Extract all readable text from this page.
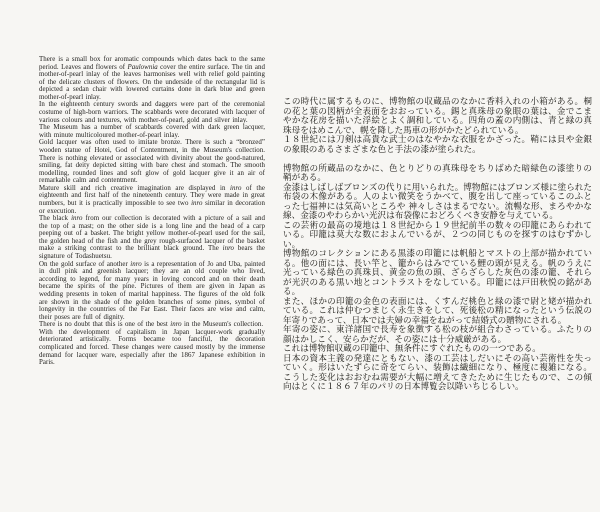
There is a small box for aromatic compounds which dates back to the same period. Leaves and flowers of Paulownia cover the entire surface. The tin and mother-of-pearl inlay of the leaves harmonises well with relief gold painting of the delicate clusters of flowers. On the underside of the rectangular lid is depicted a sedan chair with lowered curtains done in dark blue and green mother-of-pearl inlay.

In the eighteenth century swords and daggers were part of the ceremonial costume of high-born warriors. The scabbards were decorated with lacquer of various colours and textures, with mother-of-pearl, gold and silver inlay.

The Museum has a number of scabbards covered with dark green lacquer, with minute multicoloured mother-of-pearl inlay.

Gold lacquer was often used to imitate bronze. There is such a “bronzed” wooden statue of Hotei, God of Contentment, in the Museum's collection. There is nothing elevated or associated with divinity about the good-natured, smiling, fat deity depicted sitting with bare chest and stomach. The smooth modelling, rounded lines and soft glow of gold lacquer give it an air of remarkable calm and contentment.

Mature skill and rich creative imagination are displayed in inro of the eighteenth and first half of the nineteenth century. They were made in great numbers, but it is practically impossible to see two inro similar in decoration or execution.

The black inro from our collection is decorated with a picture of a sail and the top of a mast; on the other side is a long line and the head of a carp peeping out of a basket. The bright yellow mother-of-pearl used for the sail, the golden head of the fish and the grey rough-surfaced lacquer of the basket make a striking contrast to the brilliant black ground. The inro bears the signature of Todashuetsu.

On the gold surface of another inro is a representation of Jo and Uba, painted in dull pink and greenish lacquer; they are an old couple who lived, according to legend, for many years in loving concord and on their death became the spirits of the pine. Pictures of them are given in Japan as wedding presents in token of marital happiness. The figures of the old folk are shown in the shade of the golden branches of some pines, symbol of longevity in the countries of the Far East. Their faces are wise and calm, their poses are full of dignity.

There is no doubt that this is one of the best inro in the Museum's collection.

With the development of capitalism in Japan lacquer-work gradually deteriorated artistically. Forms became too fanciful, the decoration complicated and forced. These changes were caused mostly by the immense demand for lacquer ware, especially after the 1867 Japanese exhibition in Paris.

この時代に属するものに、博物館の収蔵品のなかに香料入れの小箱がある。桐の花と葉の図柄が全表面をおおっている。錫と真珠母の象眼の葉は、金でこまやかな花房を描いた浮絵とよく調和している。四角の蓋の内側は、青と緑の真珠母をはめこんで、幌を降した馬車の形がかたどられている。

１８世紀には刀剣は高貴な武士のはなやかな衣服をかざった。鞘には貝や金銀の象眼のあるさまざまな色と手法の漆が塗られた。

博物館の所蔵品のなかに、色とりどりの真珠母をちりばめた暗緑色の漆塗りの鞘がある。

金漆はしばしばブロンズの代りに用いられた。博物館にはブロンズ様に塗られた布袋の木像がある。人のよい微笑をうかべて、腹を出して座っているこのふとった七福神には気高いところや 神々しさはまるでない。流暢な形、まろやかな線、金漆のやわらかい光沢は布袋像におどろくべき安静を与えている。

この芸術の最高の境地は１８世紀から１９世紀前半の数々の印籠にあらわれている。印籠は莫大な数におよんでいるが、２つの同じものを探すのはむずかしい。

博物館のコレクションにある黒漆の印籠には帆船とマストの上部が描かれている。他の面には、長い竿と、籠からはみでている鯉の頭が見える。帆のうえに光っている緑色の真珠貝、黄金の魚の頭、ざらざらした灰色の漆の籠、それらが光沢のある黒い地とコントラストをなしている。印籠には戸田秋悦の銘がある。

また、ほかの印籠の金色の表面には、くすんだ桃色と緑の漆で尉と姥が描かれている。これは仲むつまじく永生きをして、死後松の精になったという伝説の年寄りであって、日本では夫婦の幸福をねがって結婚式の贈物にされる。

年寄の姿に、東洋諸国で長寿を象徴する松の枝が組合わさっている。ふたりの顔はかしこく、安らかだが、その姿には十分威厳がある。

これは博物館収蔵の印籠中、無条件にすぐれたものの一つである。

日本の資本主義の発達にともない、漆の工芸はしだいにその高い芸術性を失っていく。形はいたずらに奇をてらい、装飾は繊細になり、極度に複雑になる。こうした変化はおおむね需要が大幅に増えてきたために生じたもので、この傾向はとくに１８６７年のパリの日本博覧会以降いちじるしい。
